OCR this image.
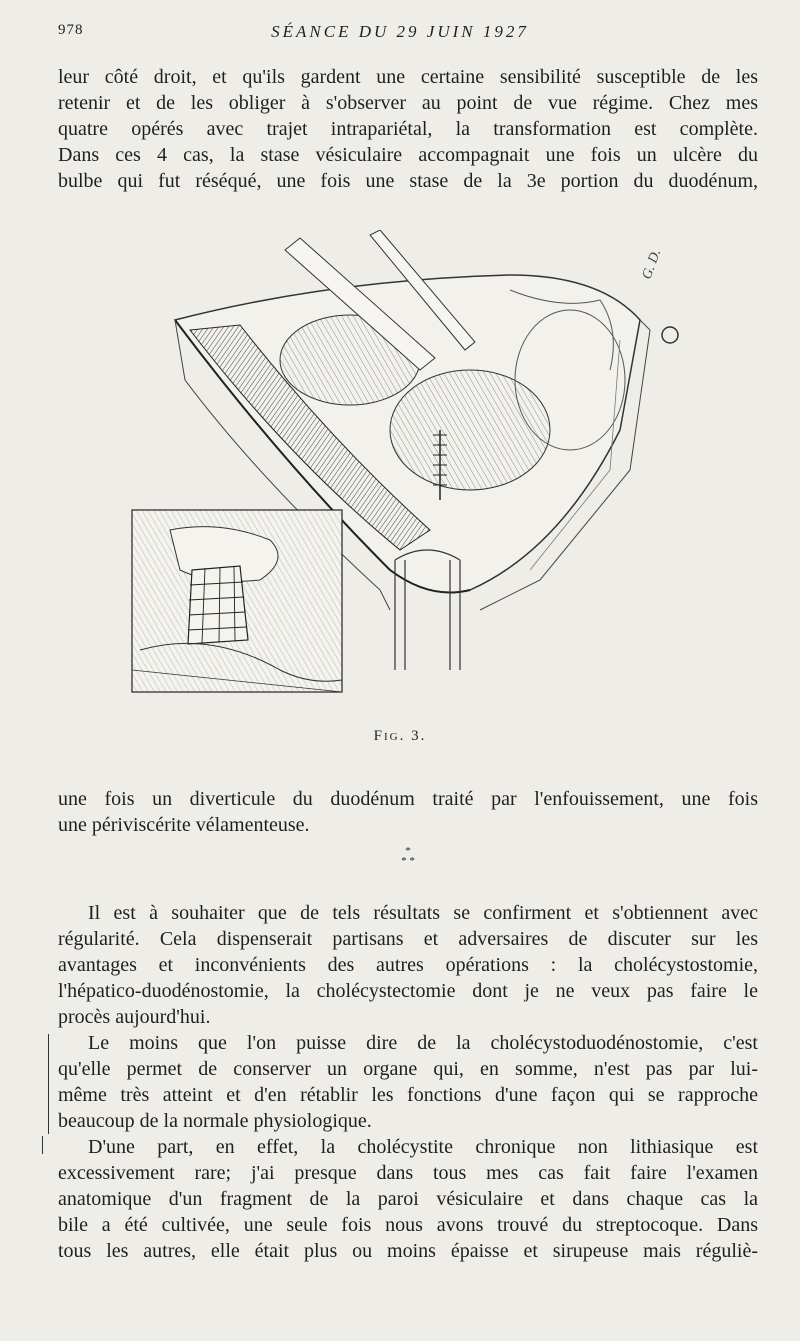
978	SÉANCE DU 29 JUIN 1927
leur côté droit, et qu'ils gardent une certaine sensibilité susceptible de les
retenir et de les obliger à s'observer au point de vue régime. Chez mes
quatre opérés avec trajet intrapariétal, la transformation est complète.
Dans ces 4 cas, la stase vésiculaire accompagnait une fois un ulcère du
bulbe qui fut réséqué, une fois une stase de la 3e portion du duodénum,
G. D.
Fig. 3.
une fois un diverticule du duodénum traité par l'enfouissement, une fois
une périviscérite vélamenteuse.
*
* *
Il est à souhaiter que de tels résultats se confirment et s'obtiennent avec
régularité. Cela dispenserait partisans et adversaires de discuter sur les
avantages et inconvénients des autres opérations : la cholécystostomie,
l'hépatico-duodénostomie, la cholécystectomie dont je ne veux pas faire le
procès aujourd'hui.
Le moins que l'on puisse dire de la cholécystoduodénostomie, c'est
qu'elle permet de conserver un organe qui, en somme, n'est pas par lui-
même très atteint et d'en rétablir les fonctions d'une façon qui se rapproche
beaucoup de la normale physiologique.
D'une part, en effet, la cholécystite chronique non lithiasique est
excessivement rare; j'ai presque dans tous mes cas fait faire l'examen
anatomique d'un fragment de la paroi vésiculaire et dans chaque cas la
bile a été cultivée, une seule fois nous avons trouvé du streptocoque. Dans
tous les autres, elle était plus ou moins épaisse et sirupeuse mais réguliè-
